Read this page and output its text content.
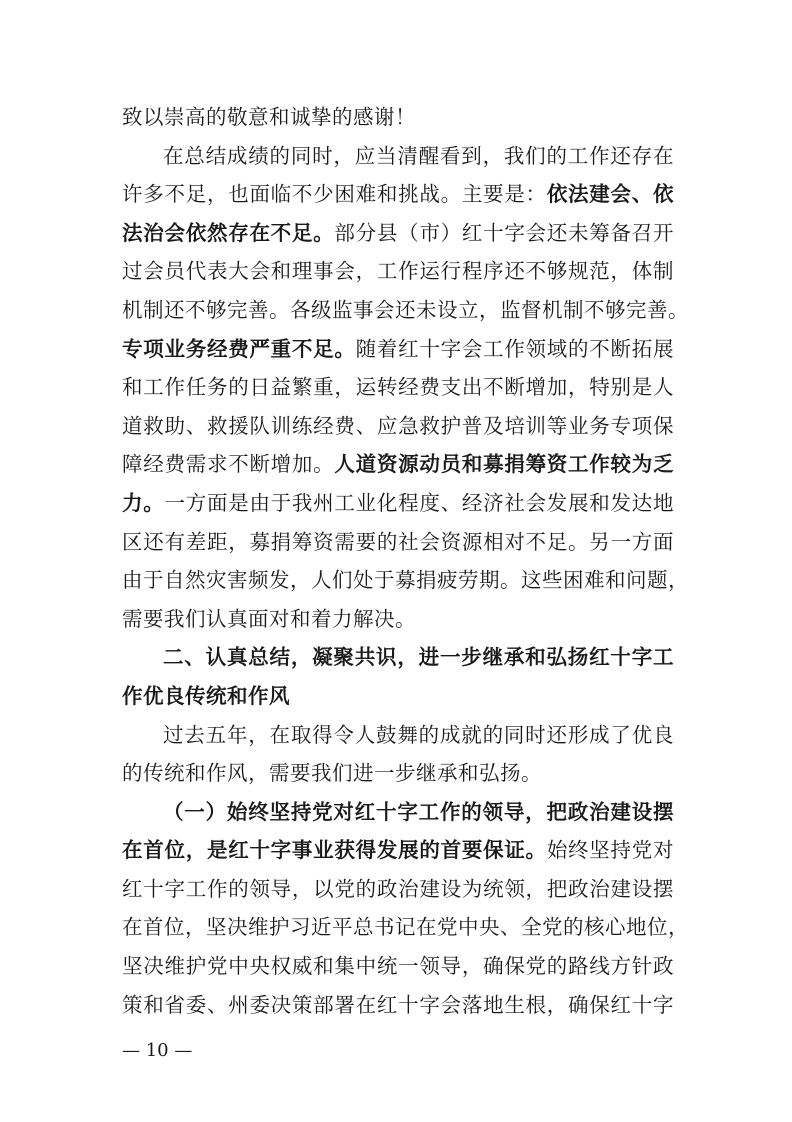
致以崇高的敬意和诚挚的感谢！
在总结成绩的同时，应当清醒看到，我们的工作还存在
许多不足，也面临不少困难和挑战。主要是：依法建会、依
法治会依然存在不足。部分县（市）红十字会还未筹备召开
过会员代表大会和理事会，工作运行程序还不够规范，体制
机制还不够完善。各级监事会还未设立，监督机制不够完善。
专项业务经费严重不足。随着红十字会工作领域的不断拓展
和工作任务的日益繁重，运转经费支出不断增加，特别是人
道救助、救援队训练经费、应急救护普及培训等业务专项保
障经费需求不断增加。人道资源动员和募捐筹资工作较为乏
力。一方面是由于我州工业化程度、经济社会发展和发达地
区还有差距，募捐筹资需要的社会资源相对不足。另一方面
由于自然灾害频发，人们处于募捐疲劳期。这些困难和问题，
需要我们认真面对和着力解决。
二、认真总结，凝聚共识，进一步继承和弘扬红十字工
作优良传统和作风
过去五年，在取得令人鼓舞的成就的同时还形成了优良
的传统和作风，需要我们进一步继承和弘扬。
（一）始终坚持党对红十字工作的领导，把政治建设摆
在首位，是红十字事业获得发展的首要保证。始终坚持党对
红十字工作的领导，以党的政治建设为统领，把政治建设摆
在首位，坚决维护习近平总书记在党中央、全党的核心地位，
坚决维护党中央权威和集中统一领导，确保党的路线方针政
策和省委、州委决策部署在红十字会落地生根，确保红十字
— 10 —
